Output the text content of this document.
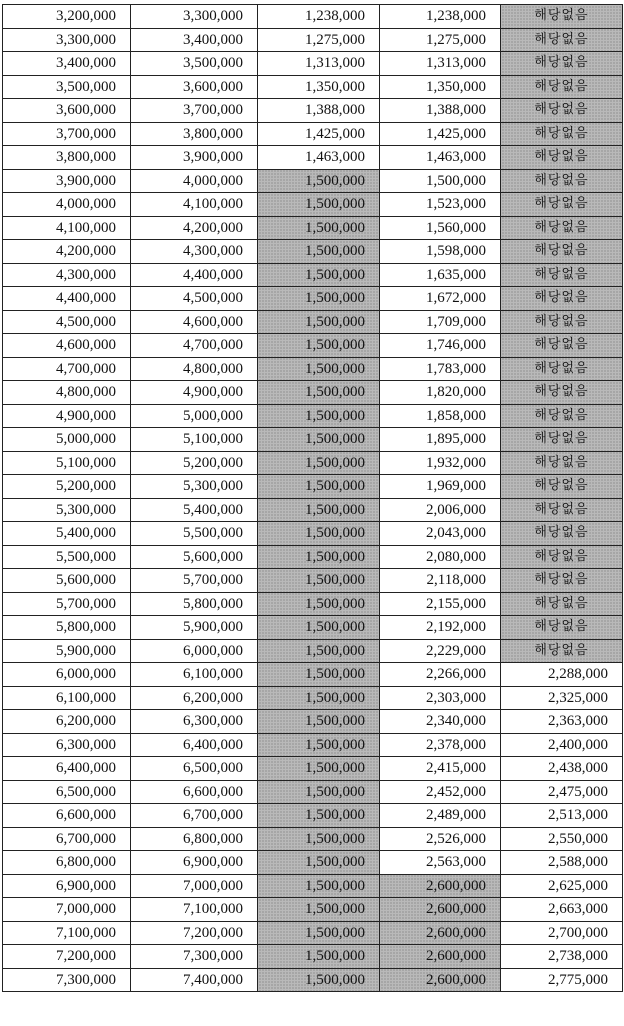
3,200,000	3,300,000	1,238,000	1,238,000	해당없음
3,300,000	3,400,000	1,275,000	1,275,000	해당없음
3,400,000	3,500,000	1,313,000	1,313,000	해당없음
3,500,000	3,600,000	1,350,000	1,350,000	해당없음
3,600,000	3,700,000	1,388,000	1,388,000	해당없음
3,700,000	3,800,000	1,425,000	1,425,000	해당없음
3,800,000	3,900,000	1,463,000	1,463,000	해당없음
3,900,000	4,000,000	1,500,000	1,500,000	해당없음
4,000,000	4,100,000	1,500,000	1,523,000	해당없음
4,100,000	4,200,000	1,500,000	1,560,000	해당없음
4,200,000	4,300,000	1,500,000	1,598,000	해당없음
4,300,000	4,400,000	1,500,000	1,635,000	해당없음
4,400,000	4,500,000	1,500,000	1,672,000	해당없음
4,500,000	4,600,000	1,500,000	1,709,000	해당없음
4,600,000	4,700,000	1,500,000	1,746,000	해당없음
4,700,000	4,800,000	1,500,000	1,783,000	해당없음
4,800,000	4,900,000	1,500,000	1,820,000	해당없음
4,900,000	5,000,000	1,500,000	1,858,000	해당없음
5,000,000	5,100,000	1,500,000	1,895,000	해당없음
5,100,000	5,200,000	1,500,000	1,932,000	해당없음
5,200,000	5,300,000	1,500,000	1,969,000	해당없음
5,300,000	5,400,000	1,500,000	2,006,000	해당없음
5,400,000	5,500,000	1,500,000	2,043,000	해당없음
5,500,000	5,600,000	1,500,000	2,080,000	해당없음
5,600,000	5,700,000	1,500,000	2,118,000	해당없음
5,700,000	5,800,000	1,500,000	2,155,000	해당없음
5,800,000	5,900,000	1,500,000	2,192,000	해당없음
5,900,000	6,000,000	1,500,000	2,229,000	해당없음
6,000,000	6,100,000	1,500,000	2,266,000	2,288,000
6,100,000	6,200,000	1,500,000	2,303,000	2,325,000
6,200,000	6,300,000	1,500,000	2,340,000	2,363,000
6,300,000	6,400,000	1,500,000	2,378,000	2,400,000
6,400,000	6,500,000	1,500,000	2,415,000	2,438,000
6,500,000	6,600,000	1,500,000	2,452,000	2,475,000
6,600,000	6,700,000	1,500,000	2,489,000	2,513,000
6,700,000	6,800,000	1,500,000	2,526,000	2,550,000
6,800,000	6,900,000	1,500,000	2,563,000	2,588,000
6,900,000	7,000,000	1,500,000	2,600,000	2,625,000
7,000,000	7,100,000	1,500,000	2,600,000	2,663,000
7,100,000	7,200,000	1,500,000	2,600,000	2,700,000
7,200,000	7,300,000	1,500,000	2,600,000	2,738,000
7,300,000	7,400,000	1,500,000	2,600,000	2,775,000
